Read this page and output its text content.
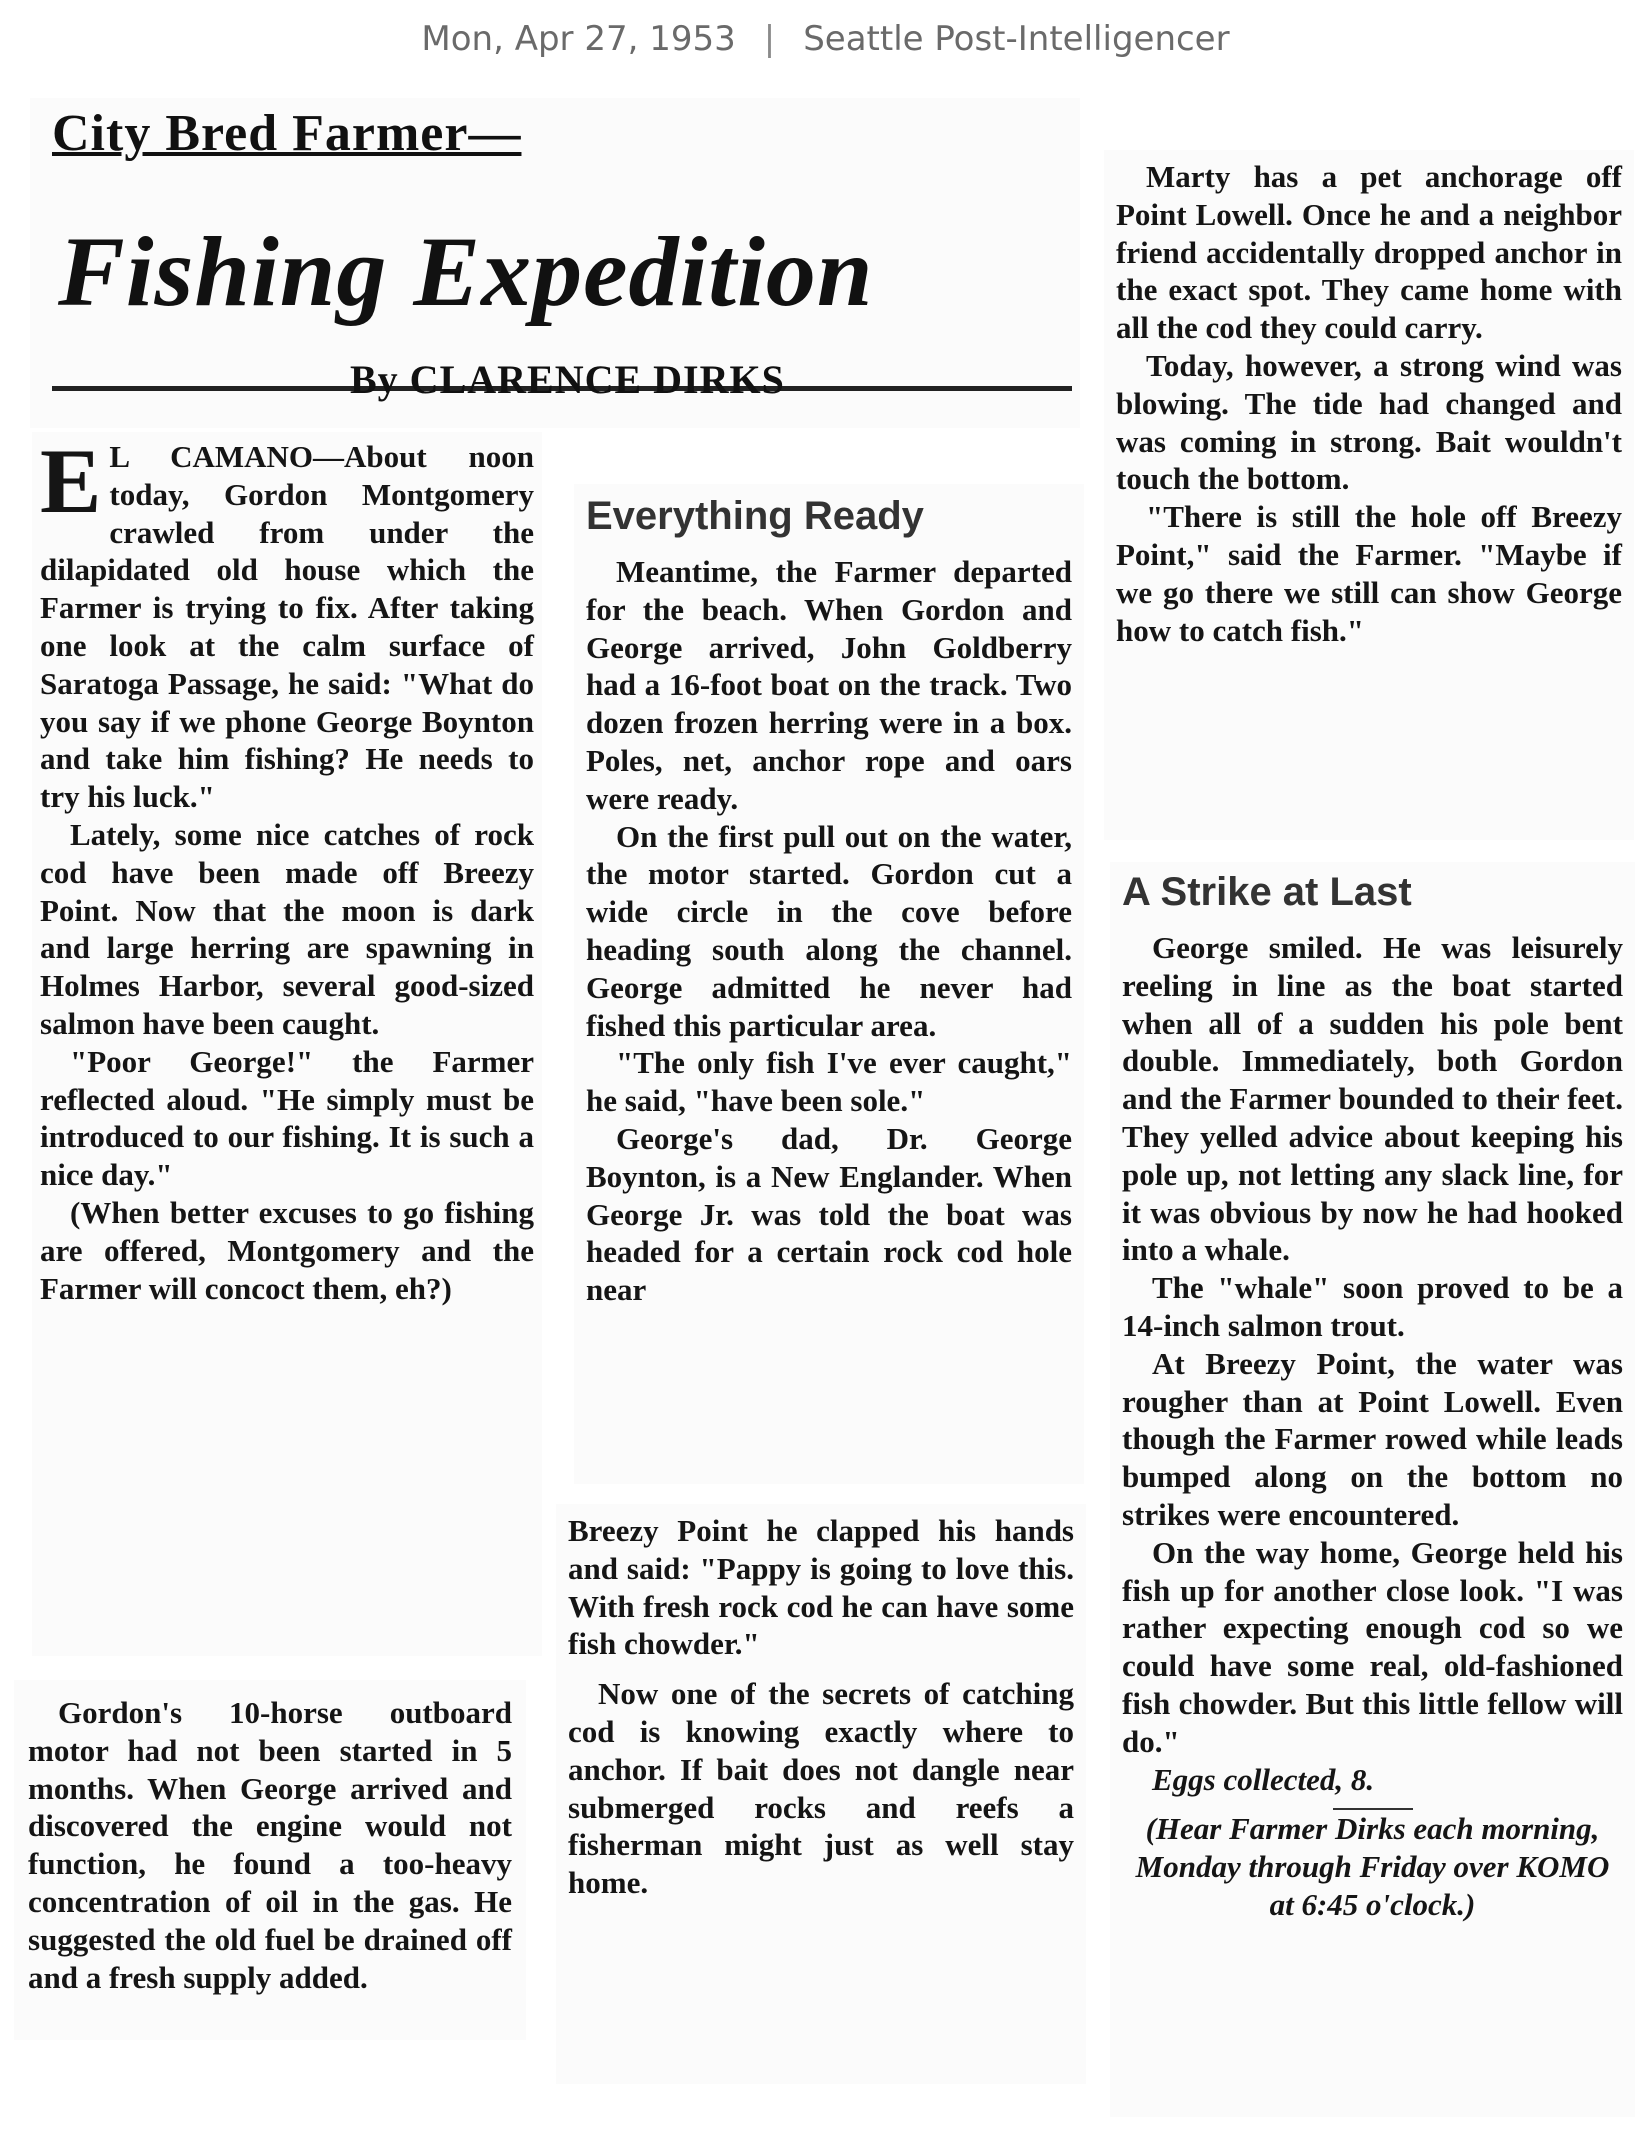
Mon, Apr 27, 1953 | Seattle Post-Intelligencer
City Bred Farmer—
Fishing Expedition
By CLARENCE DIRKS

E L CAMANO—About noon today, Gordon Montgomery crawled from under the dilapidated old house which the Farmer is trying to fix. After taking one look at the calm surface of Saratoga Passage, he said: "What do you say if we phone George Boynton and take him fishing? He needs to try his luck."

Lately, some nice catches of rock cod have been made off Breezy Point. Now that the moon is dark and large herring are spawning in Holmes Harbor, several good-sized salmon have been caught.

"Poor George!" the Farmer reflected aloud. "He simply must be introduced to our fishing. It is such a nice day."

(When better excuses to go fishing are offered, Montgomery and the Farmer will concoct them, eh?)

Gordon's 10-horse outboard motor had not been started in 5 months. When George arrived and discovered the engine would not function, he found a too-heavy concentration of oil in the gas. He suggested the old fuel be drained off and a fresh supply added.

Everything Ready

Meantime, the Farmer departed for the beach. When Gordon and George arrived, John Goldberry had a 16-foot boat on the track. Two dozen frozen herring were in a box. Poles, net, anchor rope and oars were ready.

On the first pull out on the water, the motor started. Gordon cut a wide circle in the cove before heading south along the channel. George admitted he never had fished this particular area.

"The only fish I've ever caught," he said, "have been sole."

George's dad, Dr. George Boynton, is a New Englander. When George Jr. was told the boat was headed for a certain rock cod hole near

Breezy Point he clapped his hands and said: "Pappy is going to love this. With fresh rock cod he can have some fish chowder."

Now one of the secrets of catching cod is knowing exactly where to anchor. If bait does not dangle near submerged rocks and reefs a fisherman might just as well stay home.

Marty has a pet anchorage off Point Lowell. Once he and a neighbor friend accidentally dropped anchor in the exact spot. They came home with all the cod they could carry.

Today, however, a strong wind was blowing. The tide had changed and was coming in strong. Bait wouldn't touch the bottom.

"There is still the hole off Breezy Point," said the Farmer. "Maybe if we go there we still can show George how to catch fish."

A Strike at Last

George smiled. He was leisurely reeling in line as the boat started when all of a sudden his pole bent double. Immediately, both Gordon and the Farmer bounded to their feet. They yelled advice about keeping his pole up, not letting any slack line, for it was obvious by now he had hooked into a whale.

The "whale" soon proved to be a 14-inch salmon trout.

At Breezy Point, the water was rougher than at Point Lowell. Even though the Farmer rowed while leads bumped along on the bottom no strikes were encountered.

On the way home, George held his fish up for another close look. "I was rather expecting enough cod so we could have some real, old-fashioned fish chowder. But this little fellow will do."

Eggs collected, 8.

(Hear Farmer Dirks each morning, Monday through Friday over KOMO at 6:45 o'clock.)
